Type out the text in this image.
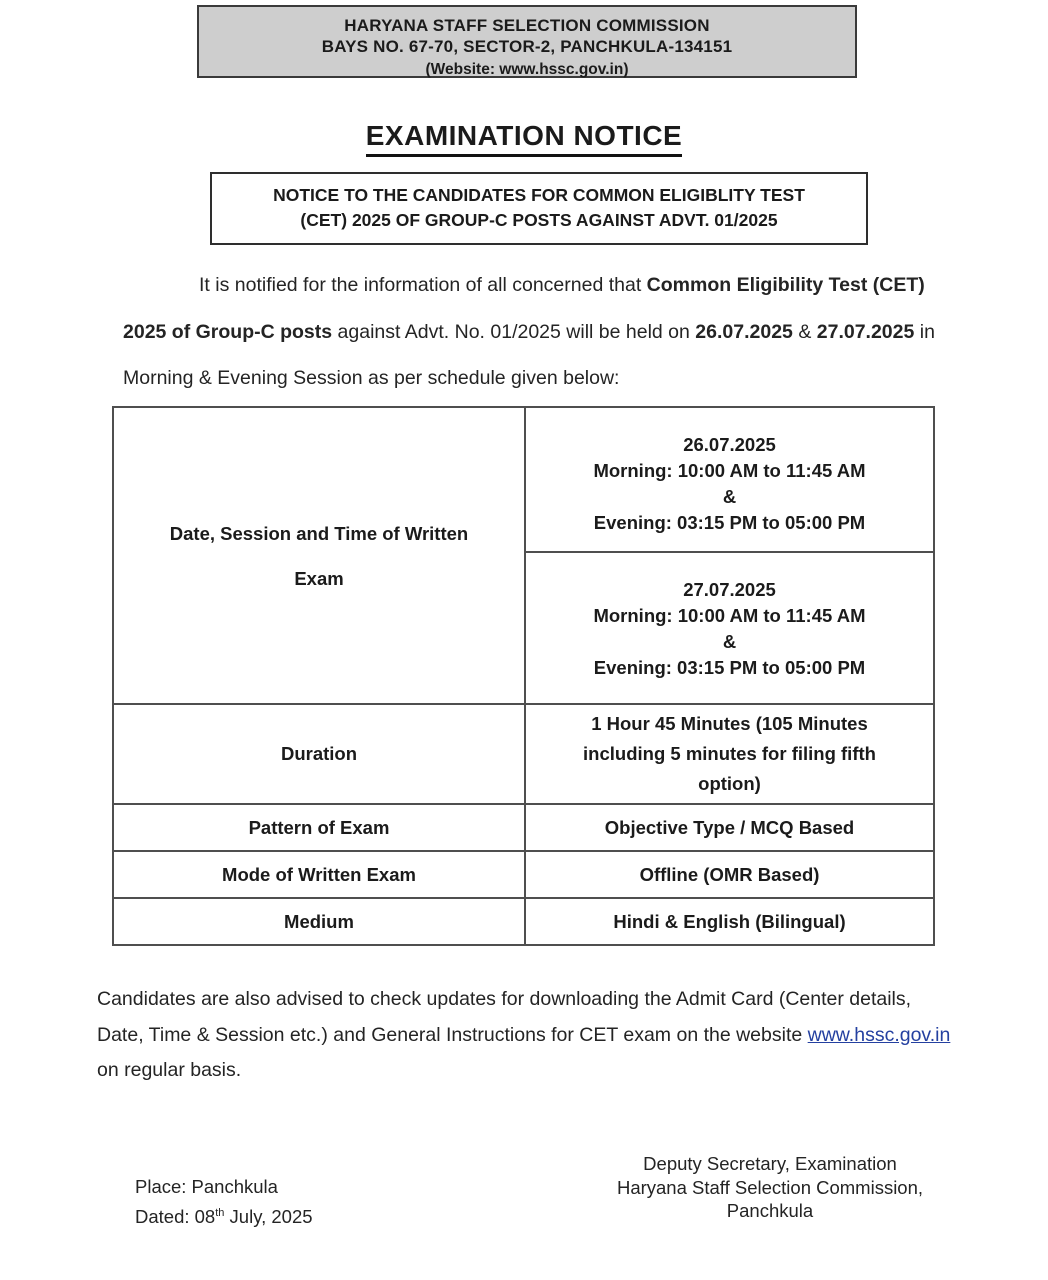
HARYANA STAFF SELECTION COMMISSION
BAYS NO. 67-70, SECTOR-2, PANCHKULA-134151
(Website: www.hssc.gov.in)
EXAMINATION NOTICE
NOTICE TO THE CANDIDATES FOR COMMON ELIGIBLITY TEST
(CET) 2025 OF GROUP-C POSTS AGAINST ADVT. 01/2025

It is notified for the information of all concerned that Common Eligibility Test (CET) 2025 of Group-C posts against Advt. No. 01/2025 will be held on 26.07.2025 & 27.07.2025 in Morning & Evening Session as per schedule given below:

Date, Session and Time of Written Exam	26.07.2025
Morning: 10:00 AM to 11:45 AM
&
Evening: 03:15 PM to 05:00 PM

	27.07.2025
Morning: 10:00 AM to 11:45 AM
&
Evening: 03:15 PM to 05:00 PM

Duration	1 Hour 45 Minutes (105 Minutes including 5 minutes for filing fifth option)
Pattern of Exam	Objective Type / MCQ Based
Mode of Written Exam	Offline (OMR Based)
Medium	Hindi & English (Bilingual)

Candidates are also advised to check updates for downloading the Admit Card (Center details, Date, Time & Session etc.) and General Instructions for CET exam on the website www.hssc.gov.in on regular basis.

Place: Panchkula
Dated: 08th July, 2025
Deputy Secretary, Examination
Haryana Staff Selection Commission,
Panchkula
